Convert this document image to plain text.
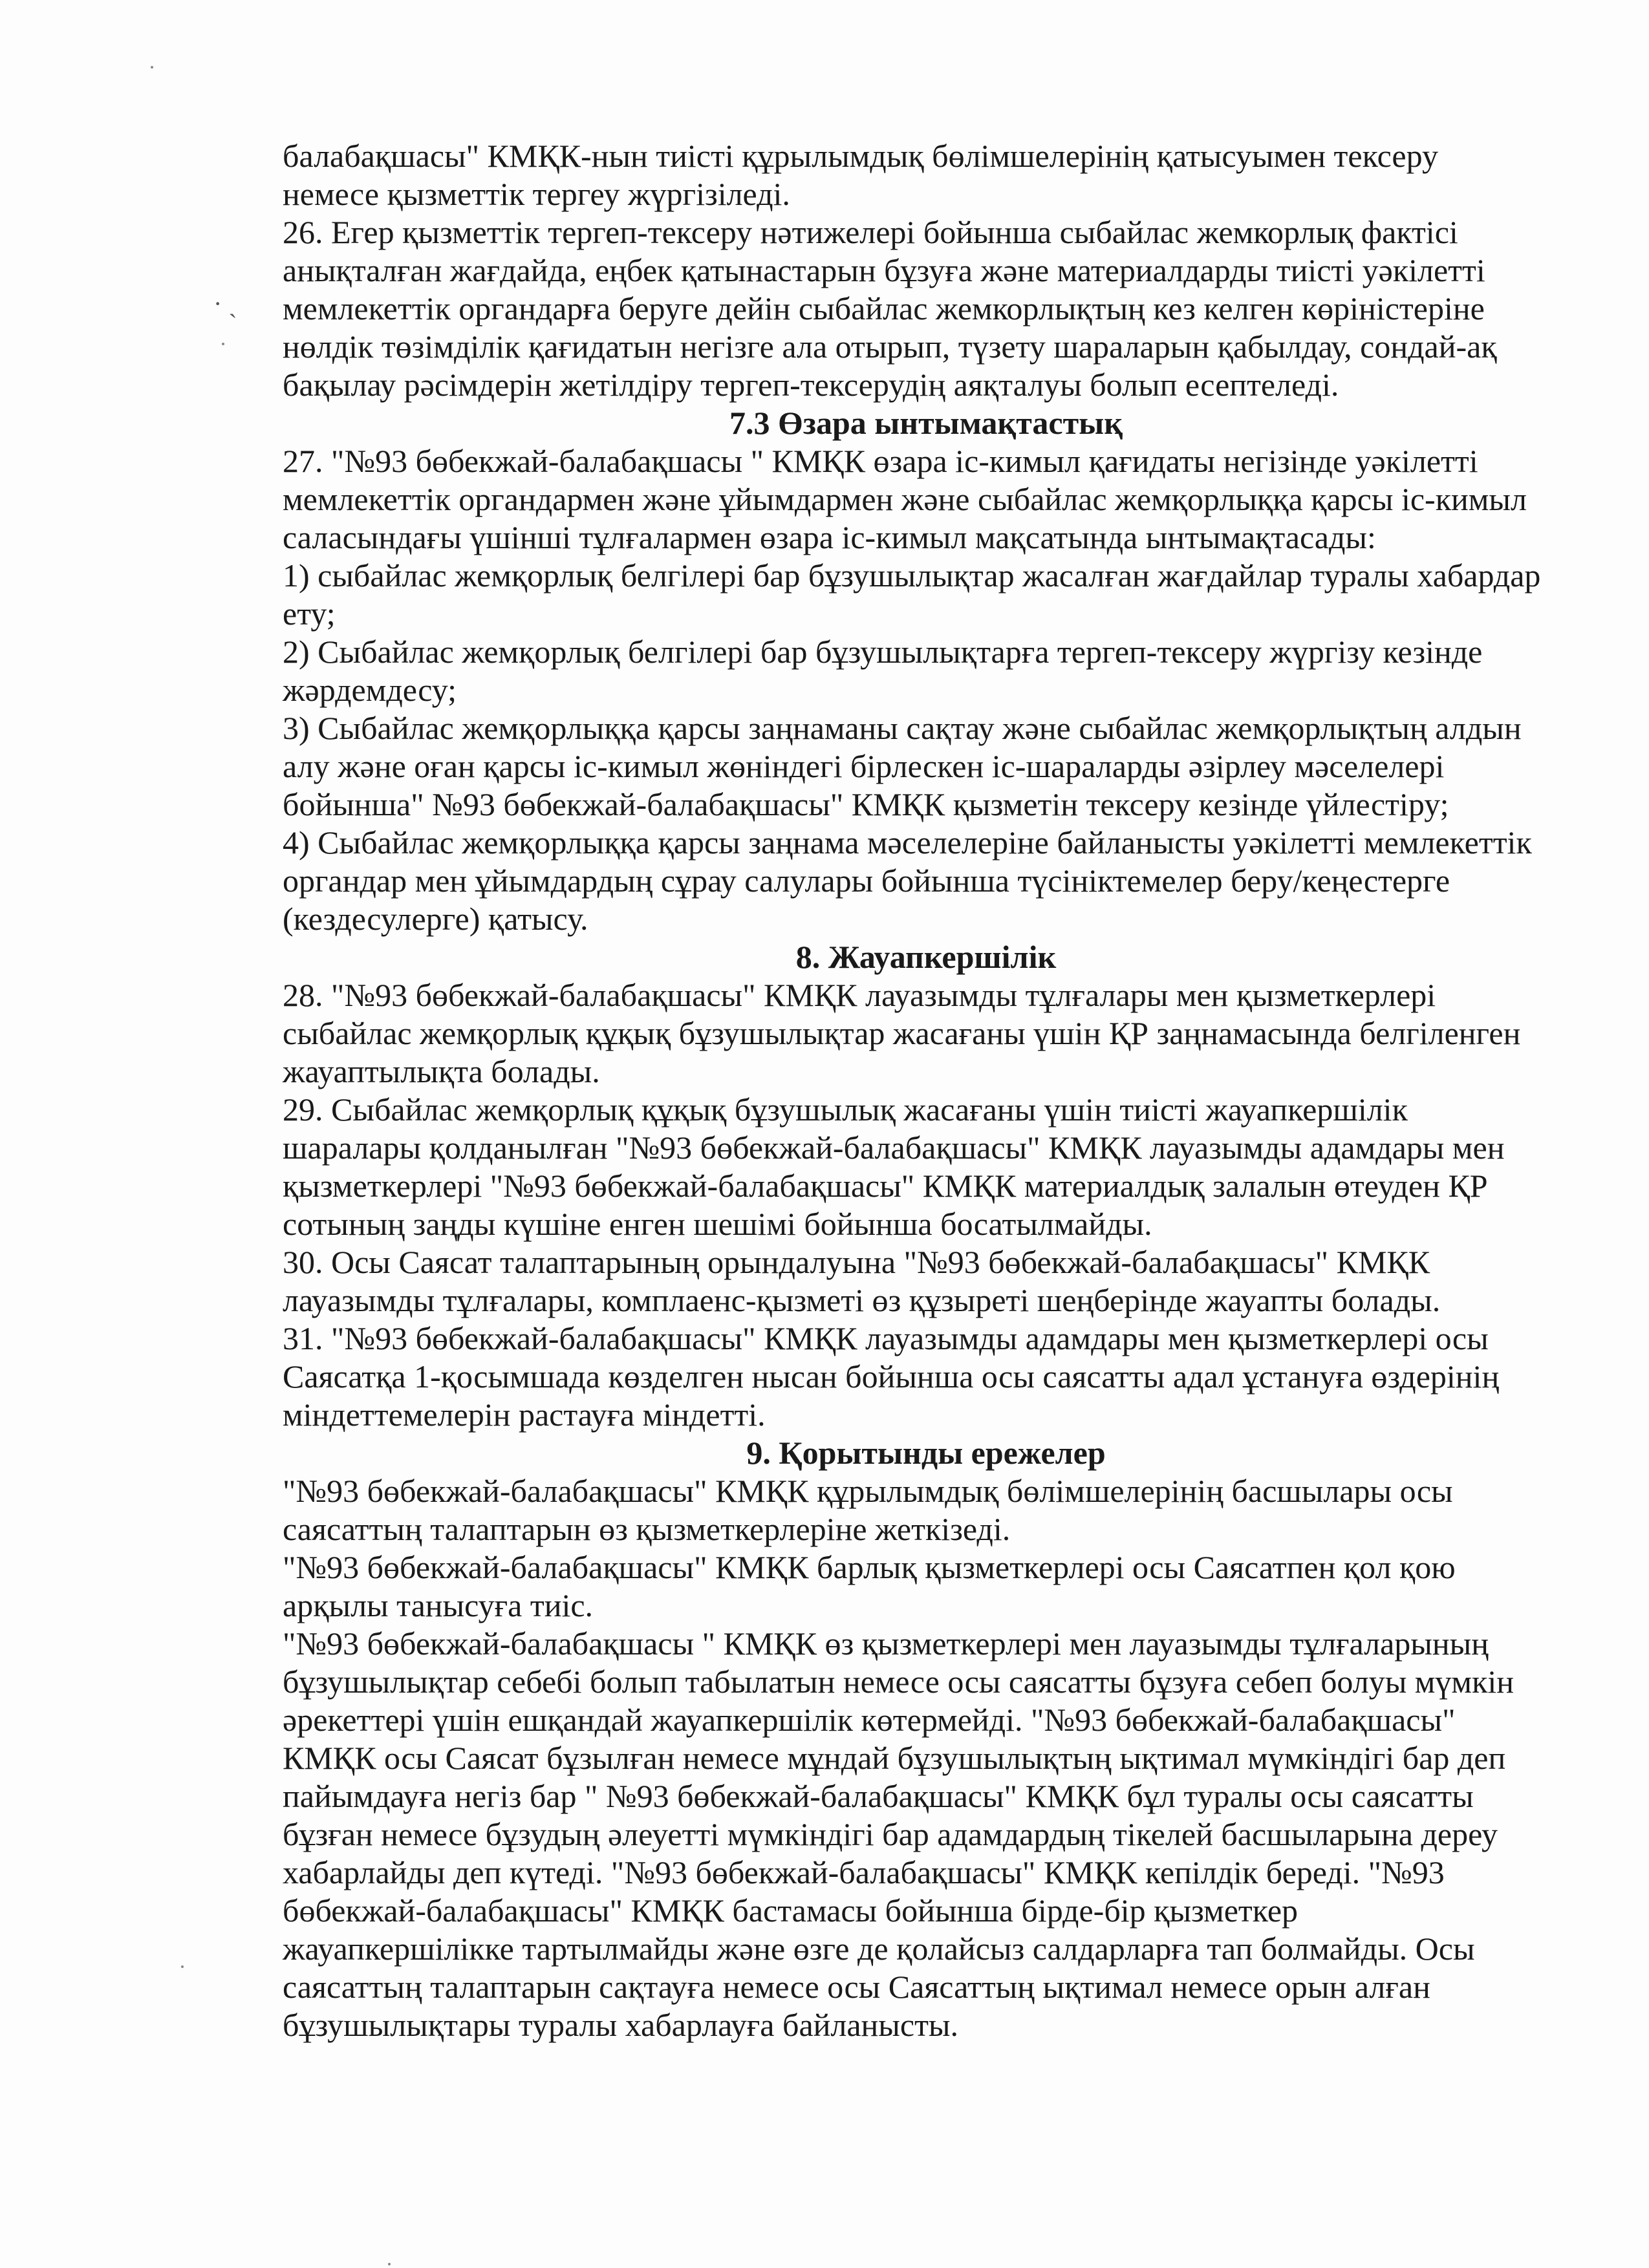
· ˎ
балабақшасы" КМҚК-нын тиісті құрылымдық бөлімшелерінің қатысуымен тексеру
немесе қызметтік тергеу жүргізіледі.
26. Егер қызметтік тергеп-тексеру нәтижелері бойынша сыбайлас жемкорлық фактісі
анықталған жағдайда, еңбек қатынастарын бұзуға және материалдарды тиісті уәкілетті
мемлекеттік органдарға беруге дейін сыбайлас жемкорлықтың кез келген көріністеріне
нөлдік төзімділік қағидатын негізге ала отырып, түзету шараларын қабылдау, сондай-ақ
бақылау рәсімдерін жетілдіру тергеп-тексерудің аяқталуы болып есептеледі.
7.3 Өзара ынтымақтастық
27. "№93 бөбекжай-балабақшасы " КМҚК өзара іс-кимыл қағидаты негізінде уәкілетті
мемлекеттік органдармен және ұйымдармен және сыбайлас жемқорлыққа қарсы іс-кимыл
саласындағы үшінші тұлғалармен өзара іс-кимыл мақсатында ынтымақтасады:
1) сыбайлас жемқорлық белгілері бар бұзушылықтар жасалған жағдайлар туралы хабардар
ету;
2) Сыбайлас жемқорлық белгілері бар бұзушылықтарға тергеп-тексеру жүргізу кезінде
жәрдемдесу;
3) Сыбайлас жемқорлыққа қарсы заңнаманы сақтау және сыбайлас жемқорлықтың алдын
алу және оған қарсы іс-кимыл жөніндегі бірлескен іс-шараларды әзірлеу мәселелері
бойынша" №93 бөбекжай-балабақшасы" КМҚК қызметін тексеру кезінде үйлестіру;
4) Сыбайлас жемқорлыққа қарсы заңнама мәселелеріне байланысты уәкілетті мемлекеттік
органдар мен ұйымдардың сұрау салулары бойынша түсініктемелер беру/кеңестерге
(кездесулерге) қатысу.
8. Жауапкершілік
28. "№93 бөбекжай-балабақшасы" КМҚК лауазымды тұлғалары мен қызметкерлері
сыбайлас жемқорлық құқық бұзушылықтар жасағаны үшін ҚР заңнамасында белгіленген
жауаптылықта болады.
29. Сыбайлас жемқорлық құқық бұзушылық жасағаны үшін тиісті жауапкершілік
шаралары қолданылған "№93 бөбекжай-балабақшасы" КМҚК лауазымды адамдары мен
қызметкерлері "№93 бөбекжай-балабақшасы" КМҚК материалдық залалын өтеуден ҚР
сотының заңды күшіне енген шешімі бойынша босатылмайды.
30. Осы Саясат талаптарының орындалуына "№93 бөбекжай-балабақшасы" КМҚК
лауазымды тұлғалары, комплаенс-қызметі өз құзыреті шеңберінде жауапты болады.
31. "№93 бөбекжай-балабақшасы" КМҚК лауазымды адамдары мен қызметкерлері осы
Саясатқа 1-қосымшада көзделген нысан бойынша осы саясатты адал ұстануға өздерінің
міндеттемелерін растауға міндетті.
9. Қорытынды ережелер
"№93 бөбекжай-балабақшасы" КМҚК құрылымдық бөлімшелерінің басшылары осы
саясаттың талаптарын өз қызметкерлеріне жеткізеді.
"№93 бөбекжай-балабақшасы" КМҚК барлық қызметкерлері осы Саясатпен қол қою
арқылы танысуға тиіс.
"№93 бөбекжай-балабақшасы " КМҚК өз қызметкерлері мен лауазымды тұлғаларының
бұзушылықтар себебі болып табылатын немесе осы саясатты бұзуға себеп болуы мүмкін
әрекеттері үшін ешқандай жауапкершілік көтермейді. "№93 бөбекжай-балабақшасы"
КМҚК осы Саясат бұзылған немесе мұндай бұзушылықтың ықтимал мүмкіндігі бар деп
пайымдауға негіз бар " №93 бөбекжай-балабақшасы" КМҚК бұл туралы осы саясатты
бұзған немесе бұзудың әлеуетті мүмкіндігі бар адамдардың тікелей басшыларына дереу
хабарлайды деп күтеді. "№93 бөбекжай-балабақшасы" КМҚК кепілдік береді. "№93
бөбекжай-балабақшасы" КМҚК бастамасы бойынша бірде-бір қызметкер
жауапкершілікке тартылмайды және өзге де қолайсыз салдарларға тап болмайды. Осы
саясаттың талаптарын сақтауға немесе осы Саясаттың ықтимал немесе орын алған
бұзушылықтары туралы хабарлауға байланысты.
